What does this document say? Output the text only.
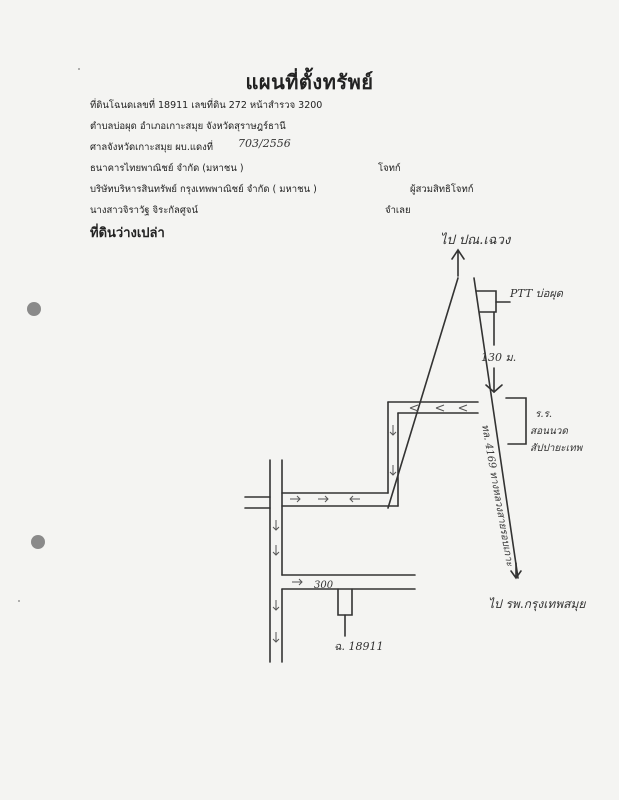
แผนที่ตั้งทรัพย์
ที่ดินโฉนดเลขที่ 18911 เลขที่ดิน 272 หน้าสำรวจ 3200
ตำบลบ่อผุด อำเภอเกาะสมุย จังหวัดสุราษฎร์ธานี
ศาลจังหวัดเกาะสมุย ผบ.แดงที่ 703/2556
ธนาคารไทยพาณิชย์ จำกัด (มหาชน )	โจทก์
บริษัทบริหารสินทรัพย์ กรุงเทพพาณิชย์ จำกัด ( มหาชน )	ผู้สวมสิทธิโจทก์
นางสาวจิราวัฐ จิระกัลศูจน์	จำเลย
ที่ดินว่างเปล่า	ไป ปณ.เฉวง
PTT บ่อผุด
130 ม.
ร.ร.
สอนนวด
สัปปายะเทพ
ทล. 4169 ทางหลวงสายรอบเกาะ
ไป รพ.กรุงเทพสมุย
300
ฉ. 18911
